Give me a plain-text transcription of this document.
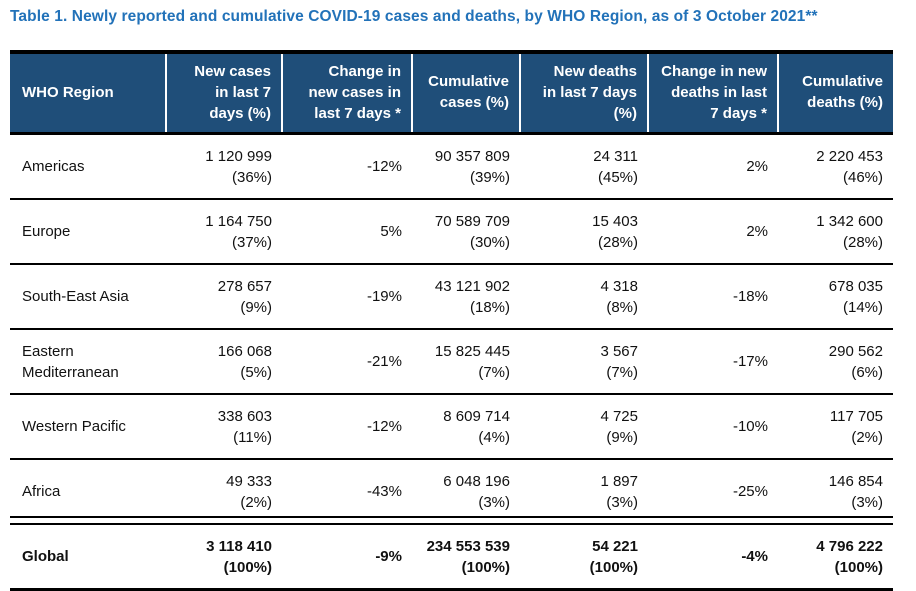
Table 1. Newly reported and cumulative COVID-19 cases and deaths, by WHO Region, as of 3 October 2021**
WHO Region	New cases
in last 7
days (%)	Change in
new cases in
last 7 days *	Cumulative
cases (%)	New deaths
in last 7 days
(%)	Change in new
deaths in last
7 days *	Cumulative
deaths (%)
Americas	1 120 999
(36%)	-12%	90 357 809
(39%)	24 311
(45%)	2%	2 220 453
(46%)
Europe	1 164 750
(37%)	5%	70 589 709
(30%)	15 403
(28%)	2%	1 342 600
(28%)
South-East Asia	278 657
(9%)	-19%	43 121 902
(18%)	4 318
(8%)	-18%	678 035
(14%)
Eastern
Mediterranean	166 068
(5%)	-21%	15 825 445
(7%)	3 567
(7%)	-17%	290 562
(6%)
Western Pacific	338 603
(11%)	-12%	8 609 714
(4%)	4 725
(9%)	-10%	117 705
(2%)
Africa	49 333
(2%)	-43%	6 048 196
(3%)	1 897
(3%)	-25%	146 854
(3%)
Global	3 118 410
(100%)	-9%	234 553 539
(100%)	54 221
(100%)	-4%	4 796 222
(100%)
